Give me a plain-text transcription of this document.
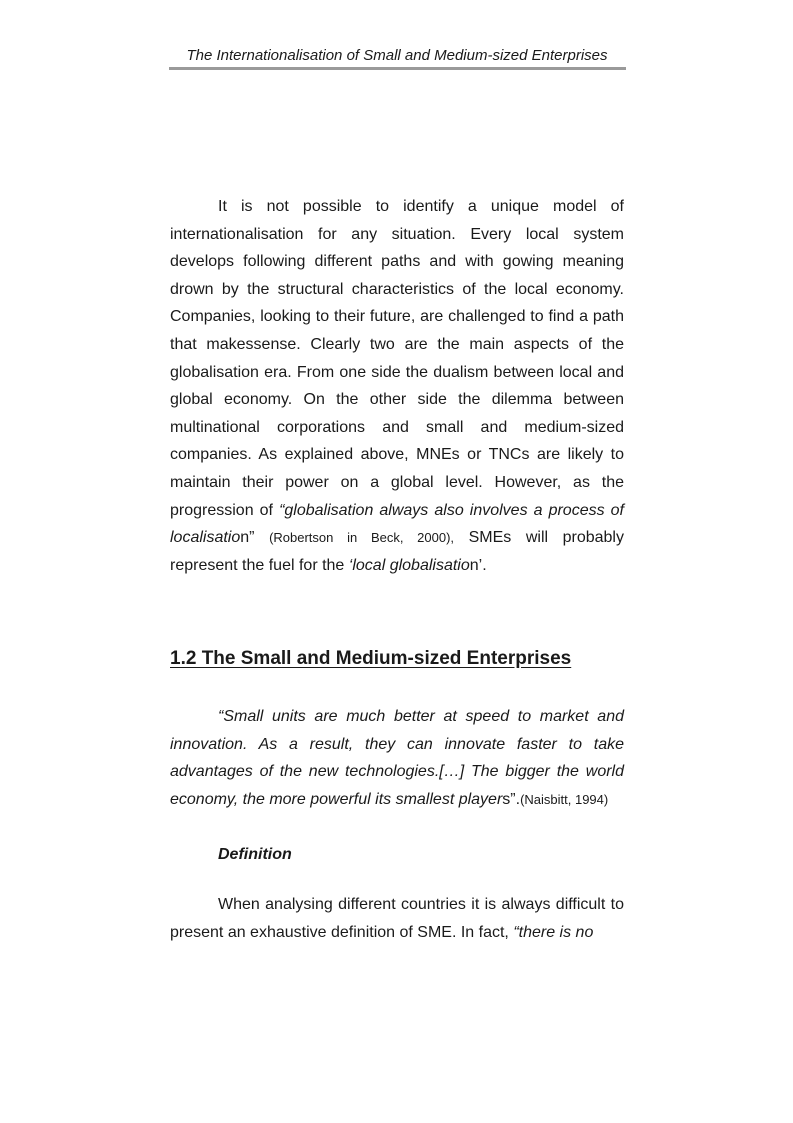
The Internationalisation of Small and Medium-sized Enterprises

It is not possible to identify a unique model of internationalisation for any situation. Every local system develops following different paths and with gowing meaning drown by the structural characteristics of the local economy. Companies, looking to their future, are challenged to find a path that makessense. Clearly two are the main aspects of the globalisation era. From one side the dualism between local and global economy. On the other side the dilemma between multinational corporations and small and medium-sized companies. As explained above, MNEs or TNCs are likely to maintain their power on a global level. However, as the progression of “globalisation always also involves a process of localisation” (Robertson in Beck, 2000), SMEs will probably represent the fuel for the ‘local globalisation’.

1.2 The Small and Medium-sized Enterprises

“Small units are much better at speed to market and innovation. As a result, they can innovate faster to take advantages of the new technologies.[…] The bigger the world economy, the more powerful its smallest players”.(Naisbitt, 1994)

Definition

When analysing different countries it is always difficult to present an exhaustive definition of SME. In fact, “there is no
